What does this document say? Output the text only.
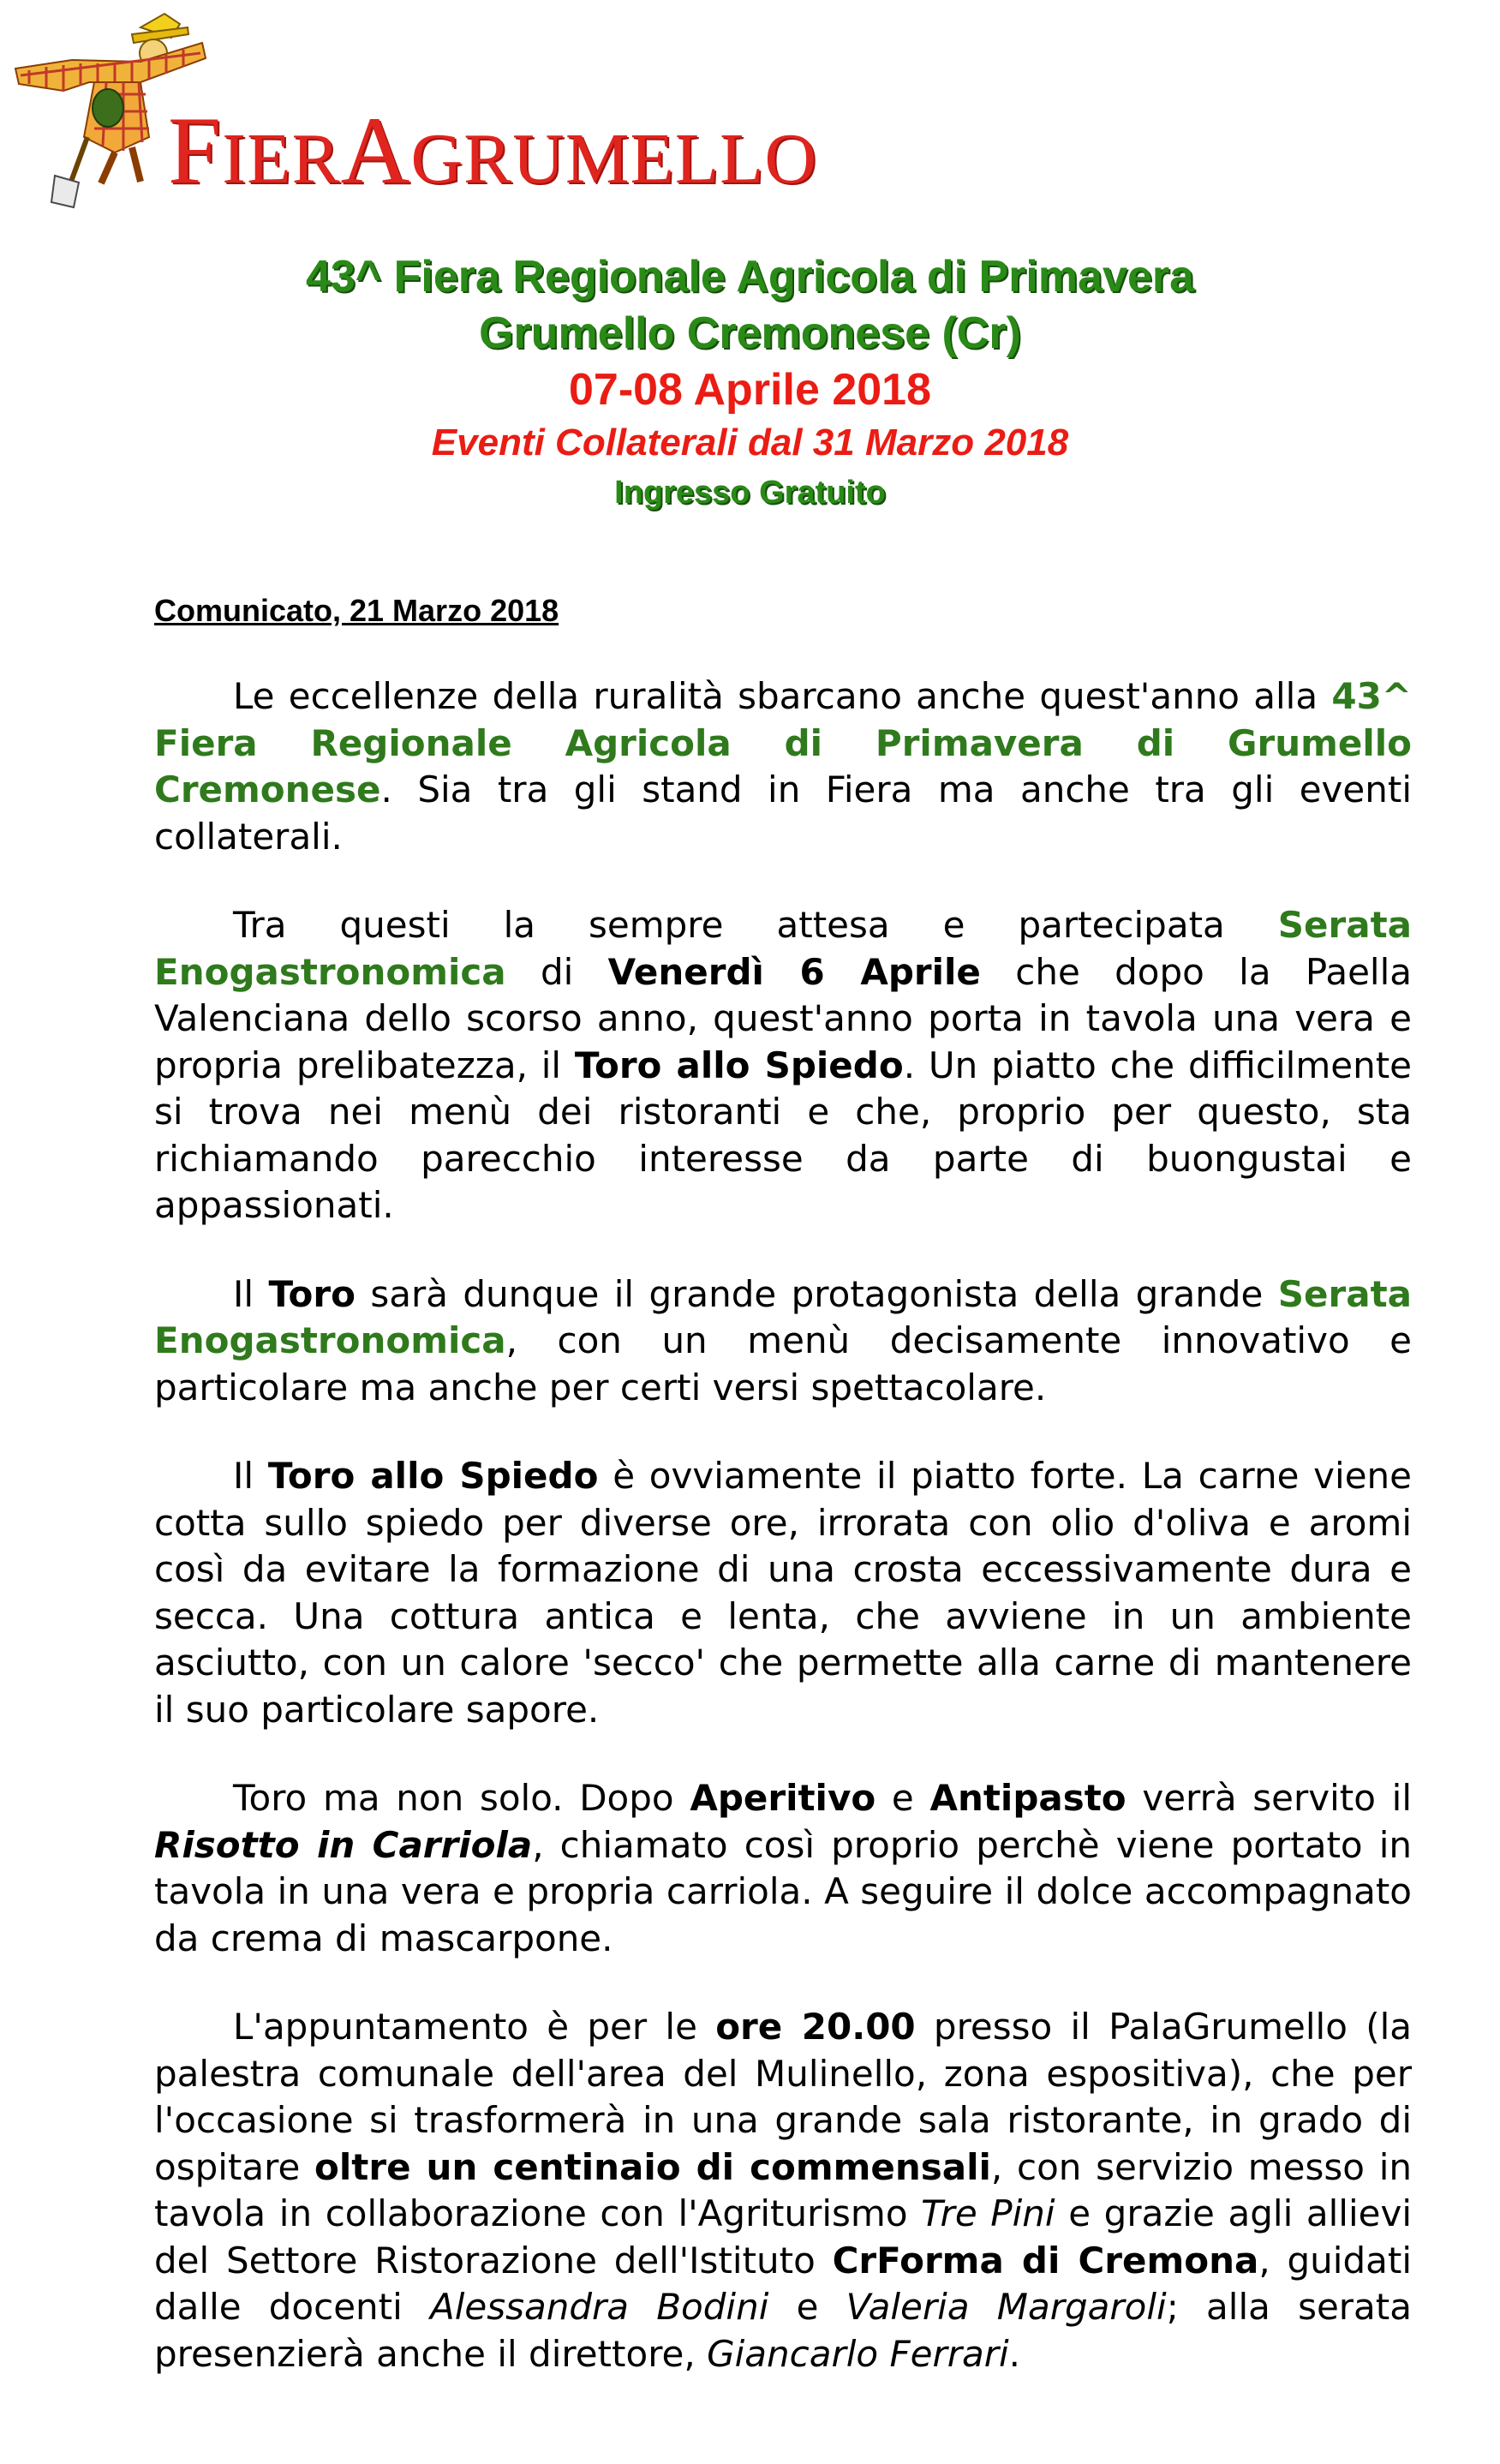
FIERAGRUMELLO
43^ Fiera Regionale Agricola di Primavera
Grumello Cremonese (Cr)
07-08 Aprile 2018
Eventi Collaterali dal 31 Marzo 2018
Ingresso Gratuito
Comunicato, 21 Marzo 2018

Le eccellenze della ruralità sbarcano anche quest'anno alla 43^ Fiera Regionale Agricola di Primavera di Grumello Cremonese. Sia tra gli stand in Fiera ma anche tra gli eventi collaterali.

Tra questi la sempre attesa e partecipata Serata Enogastronomica di Venerdì 6 Aprile che dopo la Paella Valenciana dello scorso anno, quest'anno porta in tavola una vera e propria prelibatezza, il Toro allo Spiedo. Un piatto che difficilmente si trova nei menù dei ristoranti e che, proprio per questo, sta richiamando parecchio interesse da parte di buongustai e appassionati.

Il Toro sarà dunque il grande protagonista della grande Serata Enogastronomica, con un menù decisamente innovativo e particolare ma anche per certi versi spettacolare.

Il Toro allo Spiedo è ovviamente il piatto forte. La carne viene cotta sullo spiedo per diverse ore, irrorata con olio d'oliva e aromi così da evitare la formazione di una crosta eccessivamente dura e secca. Una cottura antica e lenta, che avviene in un ambiente asciutto, con un calore 'secco' che permette alla carne di mantenere il suo particolare sapore.

Toro ma non solo. Dopo Aperitivo e Antipasto verrà servito il Risotto in Carriola, chiamato così proprio perchè viene portato in tavola in una vera e propria carriola. A seguire il dolce accompagnato da crema di mascarpone.

L'appuntamento è per le ore 20.00 presso il PalaGrumello (la palestra comunale dell'area del Mulinello, zona espositiva), che per l'occasione si trasformerà in una grande sala ristorante, in grado di ospitare oltre un centinaio di commensali, con servizio messo in tavola in collaborazione con l'Agriturismo Tre Pini e grazie agli allievi del Settore Ristorazione dell'Istituto CrForma di Cremona, guidati dalle docenti Alessandra Bodini e Valeria Margaroli; alla serata presenzierà anche il direttore, Giancarlo Ferrari.
